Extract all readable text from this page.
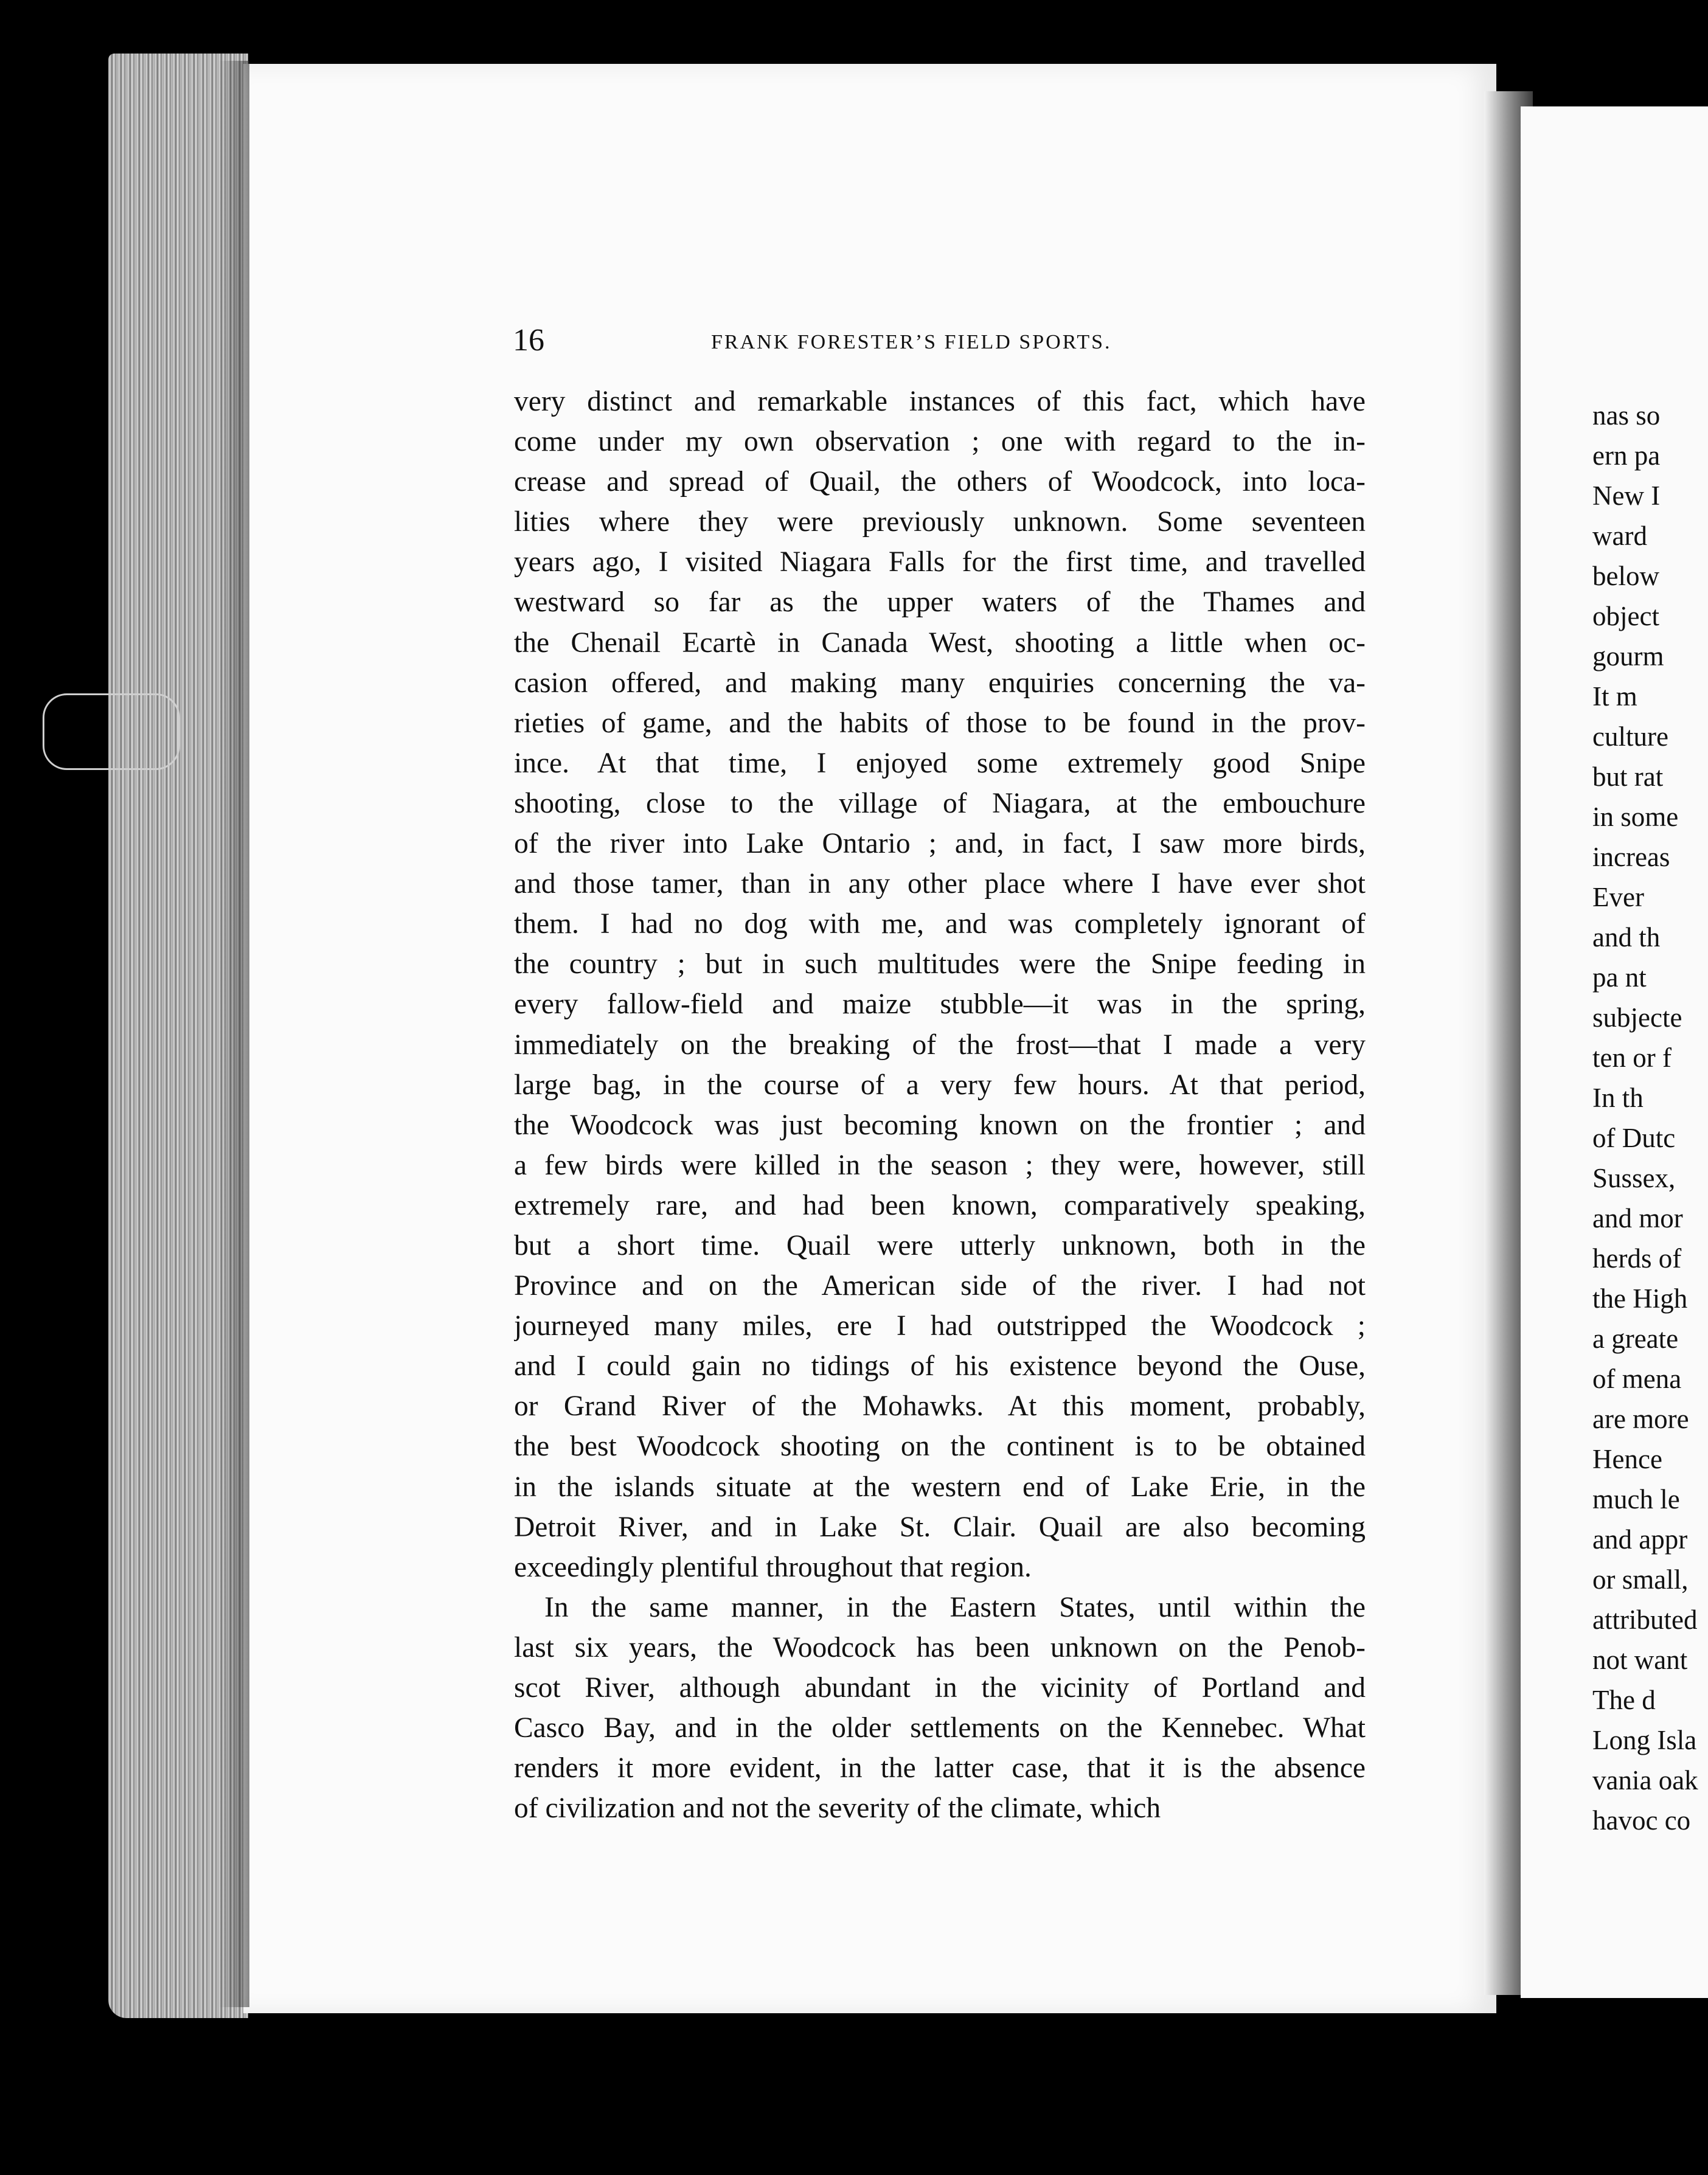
16	FRANK FORESTER’S FIELD SPORTS.
very distinct and remarkable instances of this fact, which have
come under my own observation ; one with regard to the in-
crease and spread of Quail, the others of Woodcock, into loca-
lities where they were previously unknown. Some seventeen
years ago, I visited Niagara Falls for the first time, and travelled
westward so far as the upper waters of the Thames and
the Chenail Ecartè in Canada West, shooting a little when oc-
casion offered, and making many enquiries concerning the va-
rieties of game, and the habits of those to be found in the prov-
ince. At that time, I enjoyed some extremely good Snipe
shooting, close to the village of Niagara, at the embouchure
of the river into Lake Ontario ; and, in fact, I saw more birds,
and those tamer, than in any other place where I have ever shot
them. I had no dog with me, and was completely ignorant of
the country ; but in such multitudes were the Snipe feeding in
every fallow-field and maize stubble—it was in the spring,
immediately on the breaking of the frost—that I made a very
large bag, in the course of a very few hours. At that period,
the Woodcock was just becoming known on the frontier ; and
a few birds were killed in the season ; they were, however, still
extremely rare, and had been known, comparatively speaking,
but a short time. Quail were utterly unknown, both in the
Province and on the American side of the river. I had not
journeyed many miles, ere I had outstripped the Woodcock ;
and I could gain no tidings of his existence beyond the Ouse,
or Grand River of the Mohawks. At this moment, probably,
the best Woodcock shooting on the continent is to be obtained
in the islands situate at the western end of Lake Erie, in the
Detroit River, and in Lake St. Clair. Quail are also becoming
exceedingly plentiful throughout that region.
In the same manner, in the Eastern States, until within the
last six years, the Woodcock has been unknown on the Penob-
scot River, although abundant in the vicinity of Portland and
Casco Bay, and in the older settlements on the Kennebec. What
renders it more evident, in the latter case, that it is the absence
of civilization and not the severity of the climate, which
nas so
ern pa
New I
ward
below
object
gourm
It m
culture
but rat
in some
increas
Ever
and th
pa nt
subjecte
ten or f
In th
of Dutc
Sussex,
and mor
herds of
the High
a greate
of mena
are more
Hence
much le
and appr
or small,
attributed
not want
The d
Long Isla
vania oak
havoc co
